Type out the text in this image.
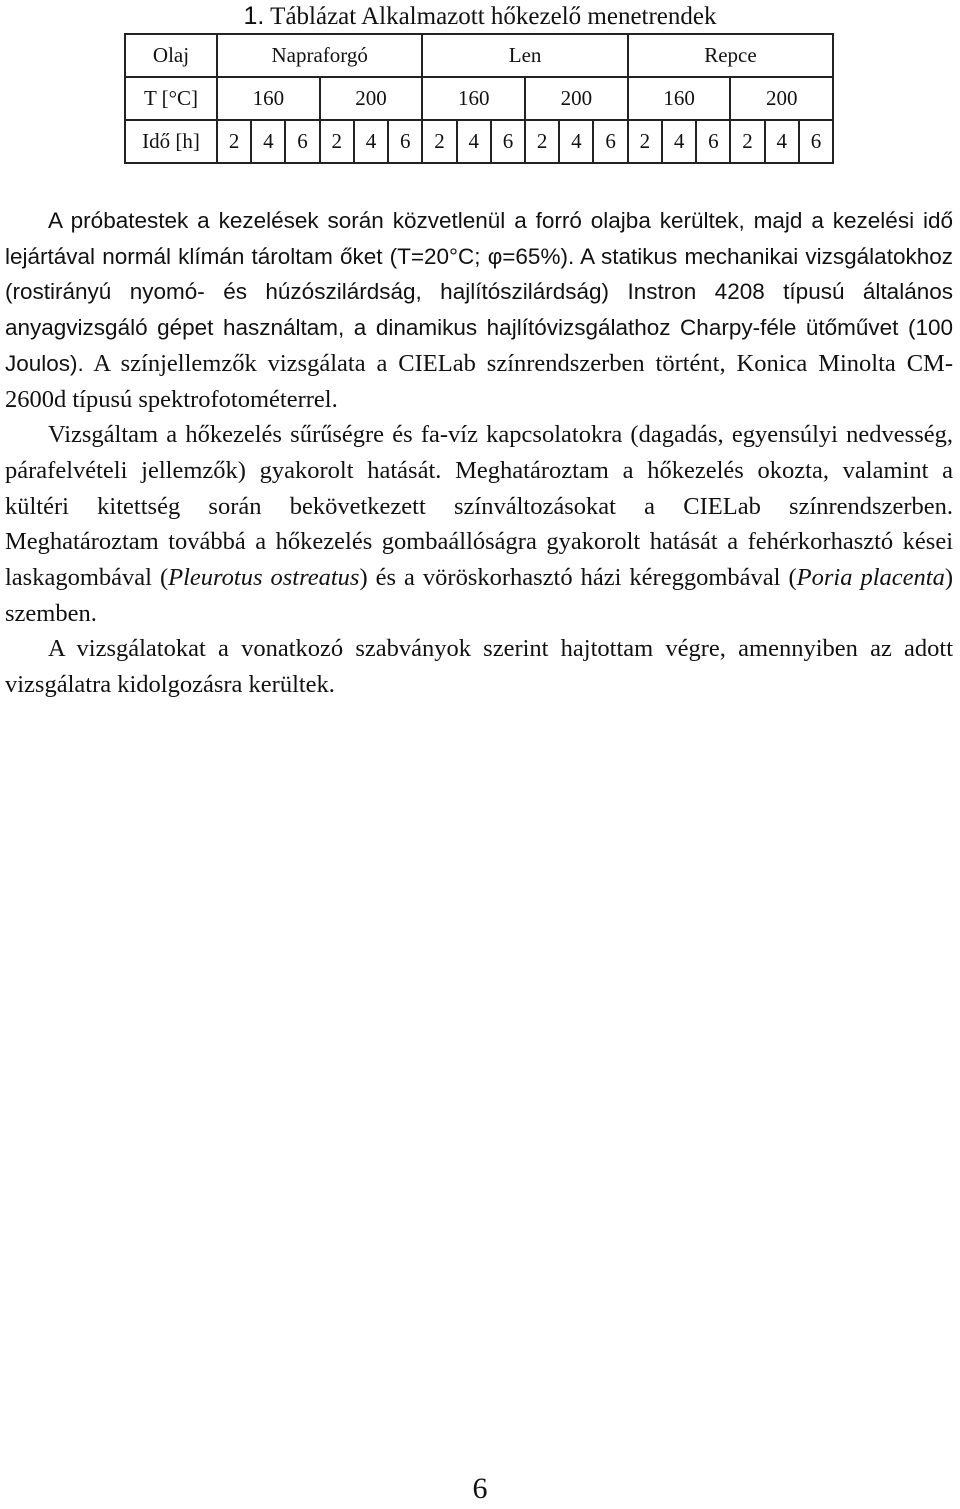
1. Táblázat Alkalmazott hőkezelő menetrendek
Olaj	Napraforgó						Len						Repce					
T [°C]	160			200			160			200			160			200		
Idő [h]	2	4	6	2	4	6	2	4	6	2	4	6	2	4	6	2	4	6

A próbatestek a kezelések során közvetlenül a forró olajba kerültek, majd a kezelési idő lejártával normál klímán tároltam őket (T=20°C; φ=65%). A statikus mechanikai vizsgálatokhoz (rostirányú nyomó- és húzószilárdság, hajlítószilárdság) Instron 4208 típusú általános anyagvizsgáló gépet használtam, a dinamikus hajlítóvizsgálathoz Charpy-féle ütőművet (100 Joulos). A színjellemzők vizsgálata a CIELab színrendszerben történt, Konica Minolta CM-2600d típusú spektrofotométerrel.

Vizsgáltam a hőkezelés sűrűségre és fa-víz kapcsolatokra (dagadás, egyensúlyi nedvesség, párafelvételi jellemzők) gyakorolt hatását. Meghatároztam a hőkezelés okozta, valamint a kültéri kitettség során bekövetkezett színváltozásokat a CIELab színrendszerben. Meghatároztam továbbá a hőkezelés gombaállóságra gyakorolt hatását a fehérkorhasztó kései laskagombával (Pleurotus ostreatus) és a vöröskorhasztó házi kéreggombával (Poria placenta) szemben.

A vizsgálatokat a vonatkozó szabványok szerint hajtottam végre, amennyiben az adott vizsgálatra kidolgozásra kerültek.

6
